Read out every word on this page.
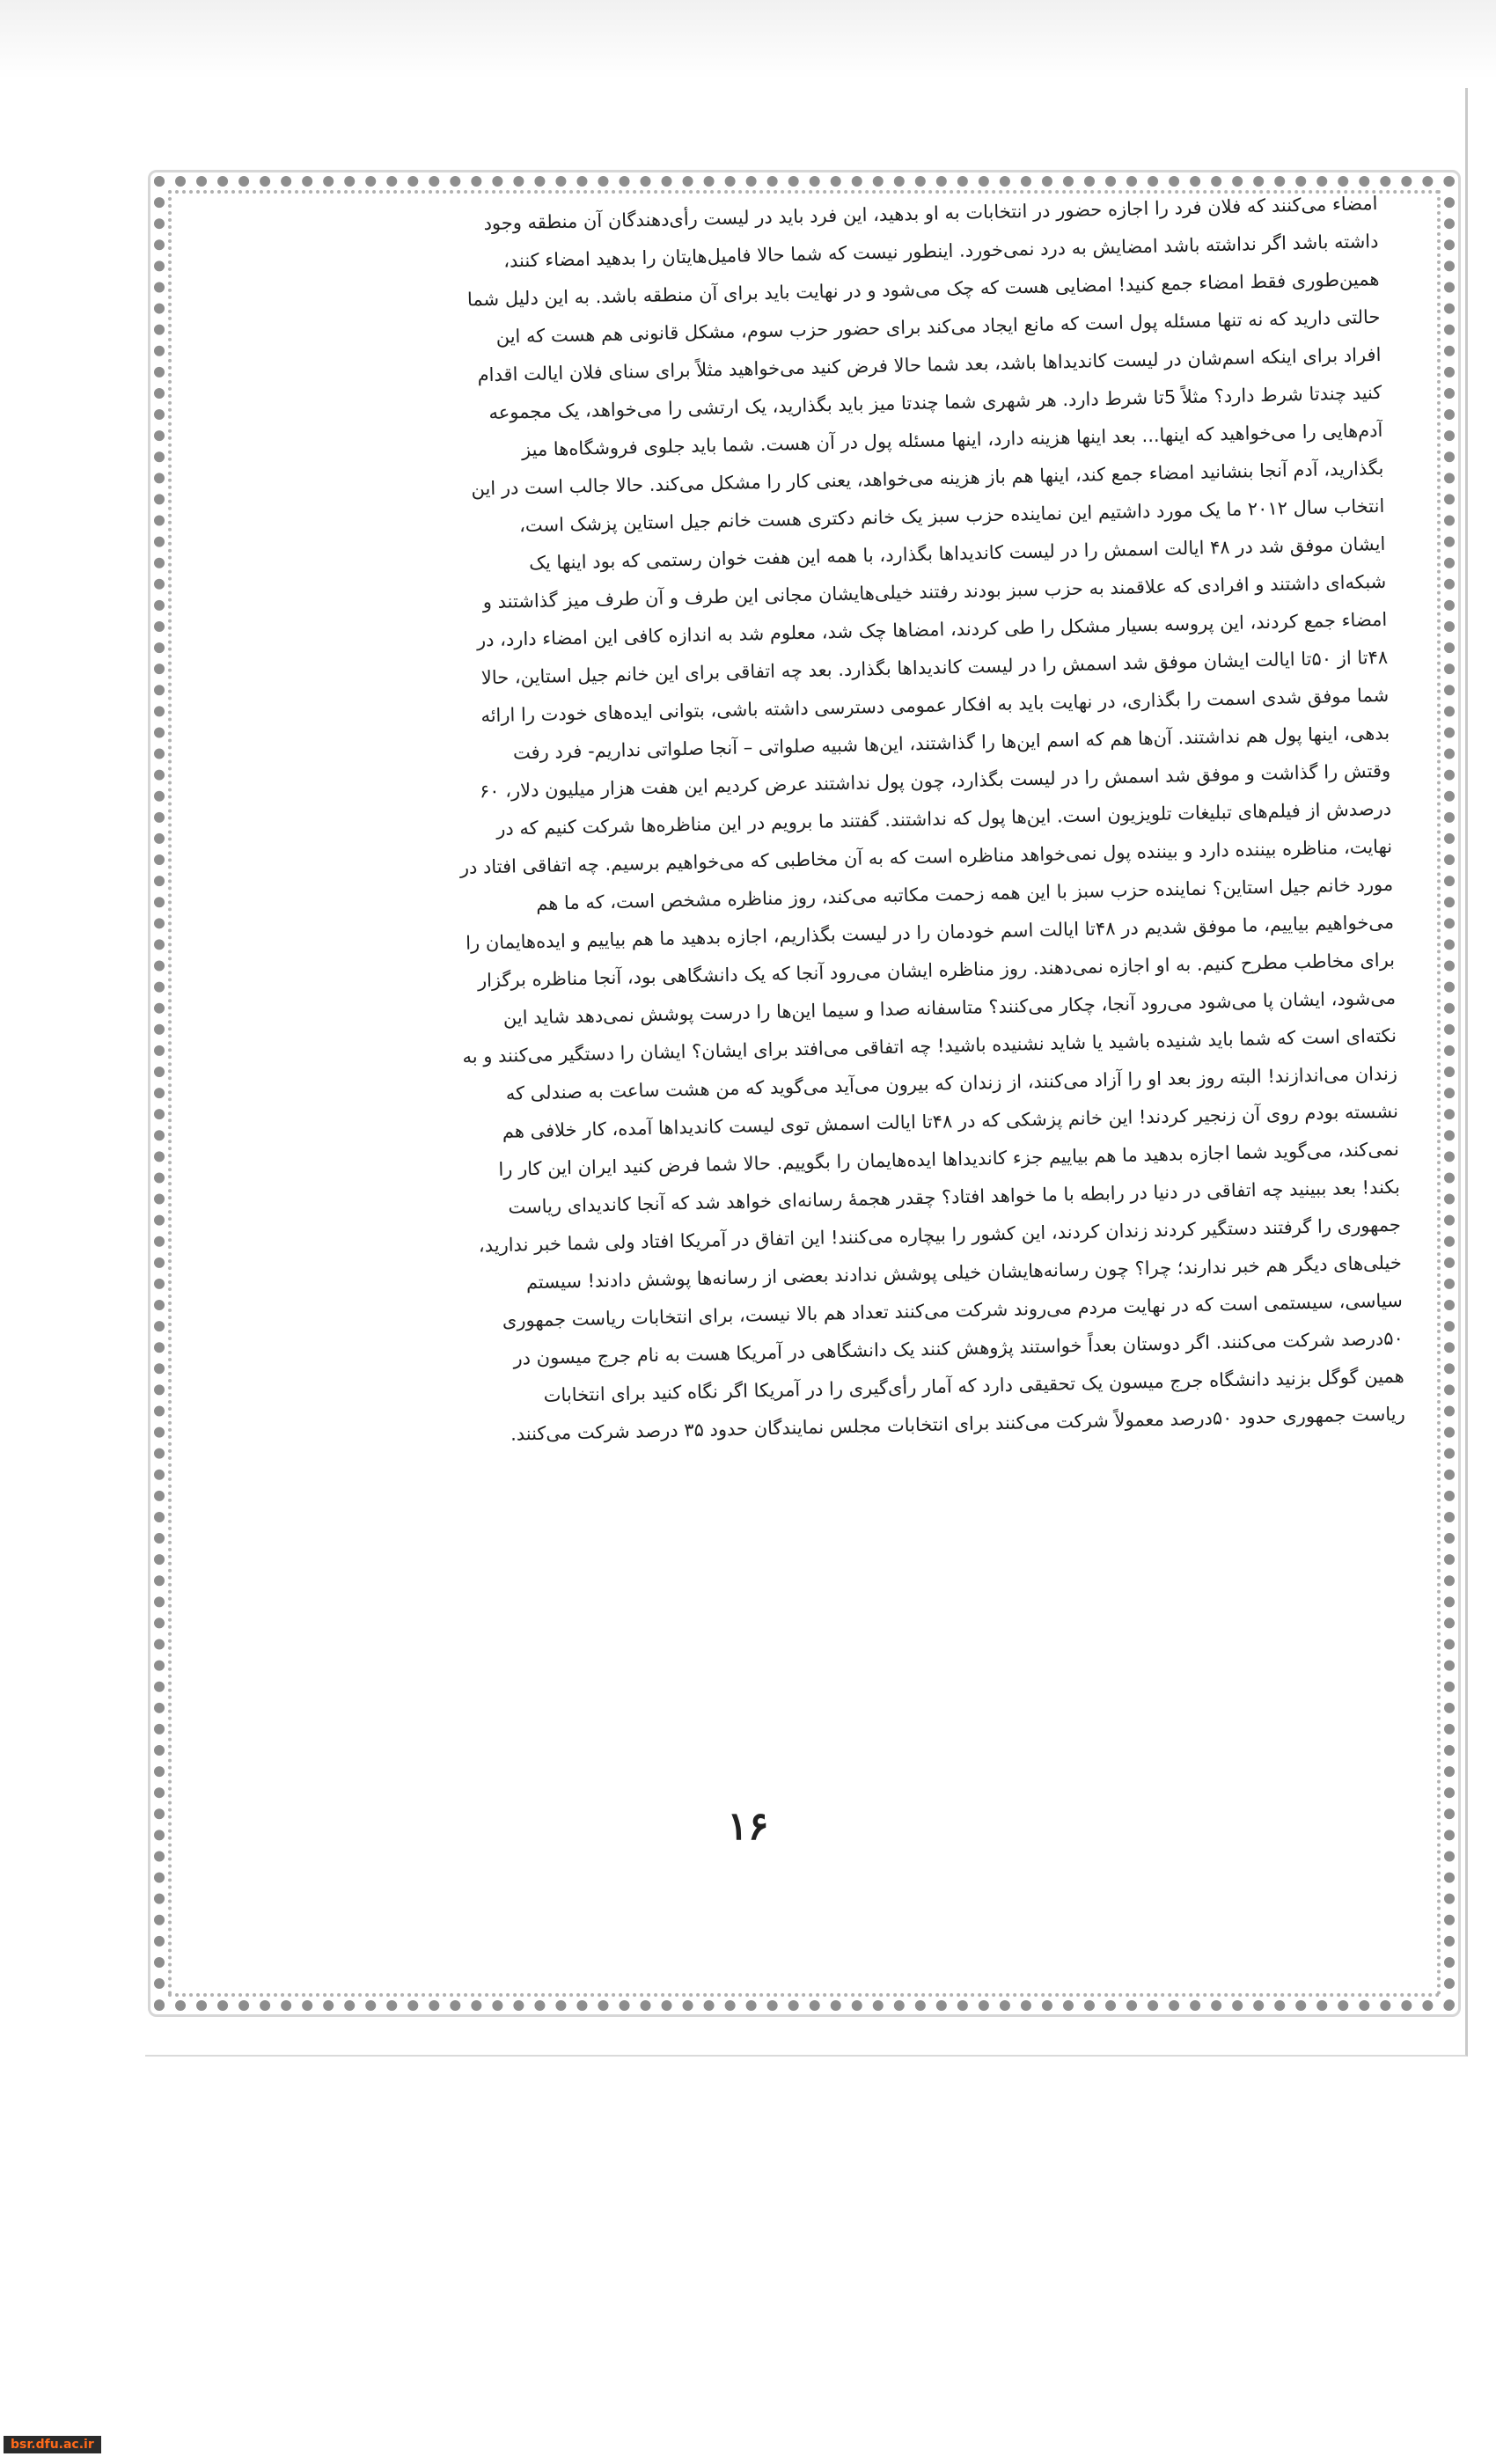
امضاء می‌کنند که فلان فرد را اجازه حضور در انتخابات به او بدهید، این فرد باید در لیست رأی‌دهندگان آن منطقه وجود
داشته باشد اگر نداشته باشد امضایش به درد نمی‌خورد. اینطور نیست که شما حالا فامیل‌هایتان را بدهید امضاء کنند،
همین‌طوری فقط امضاء جمع کنید! امضایی هست که چک می‌شود و در نهایت باید برای آن منطقه باشد. به این دلیل شما
حالتی دارید که نه تنها مسئله پول است که مانع ایجاد می‌کند برای حضور حزب سوم، مشکل قانونی هم هست که این
افراد برای اینکه اسم‌شان در لیست کاندیداها باشد، بعد شما حالا فرض کنید می‌خواهید مثلاً برای سنای فلان ایالت اقدام
کنید چندتا شرط دارد؟ مثلاً 5تا شرط دارد. هر شهری شما چندتا میز باید بگذارید، یک ارتشی را می‌خواهد، یک مجموعه
آدم‌هایی را می‌خواهید که اینها... بعد اینها هزینه دارد، اینها مسئله پول در آن هست. شما باید جلوی فروشگاه‌ها میز
بگذارید، آدم آنجا بنشانید امضاء جمع کند، اینها هم باز هزینه می‌خواهد، یعنی کار را مشکل می‌کند. حالا جالب است در این
انتخاب سال ۲۰۱۲ ما یک مورد داشتیم این نماینده حزب سبز یک خانم دکتری هست خانم جیل استاین پزشک است،
ایشان موفق شد در ۴۸ ایالت اسمش را در لیست کاندیداها بگذارد، با همه این هفت خوان رستمی که بود اینها یک
شبکه‌ای داشتند و افرادی که علاقمند به حزب سبز بودند رفتند خیلی‌هایشان مجانی این طرف و آن طرف میز گذاشتند و
امضاء جمع کردند، این پروسه بسیار مشکل را طی کردند، امضاها چک شد، معلوم شد به اندازه کافی این امضاء دارد، در
۴۸تا از ۵۰تا ایالت ایشان موفق شد اسمش را در لیست کاندیداها بگذارد. بعد چه اتفاقی برای این خانم جیل استاین، حالا
شما موفق شدی اسمت را بگذاری، در نهایت باید به افکار عمومی دسترسی داشته باشی، بتوانی ایده‌های خودت را ارائه
بدهی، اینها پول هم نداشتند. آن‌ها هم که اسم این‌ها را گذاشتند، این‌ها شبیه صلواتی – آنجا صلواتی نداریم- فرد رفت
وقتش را گذاشت و موفق شد اسمش را در لیست بگذارد، چون پول نداشتند عرض کردیم این هفت هزار میلیون دلار، ۶۰
درصدش از فیلم‌های تبلیغات تلویزیون است. این‌ها پول که نداشتند. گفتند ما برویم در این مناظره‌ها شرکت کنیم که در
نهایت، مناظره بیننده دارد و بیننده پول نمی‌خواهد مناظره است که به آن مخاطبی که می‌خواهیم برسیم. چه اتفاقی افتاد در
مورد خانم جیل استاین؟ نماینده حزب سبز با این همه زحمت مکاتبه می‌کند، روز مناظره مشخص است، که ما هم
می‌خواهیم بیاییم، ما موفق شدیم در ۴۸تا ایالت اسم خودمان را در لیست بگذاریم، اجازه بدهید ما هم بیاییم و ایده‌هایمان را
برای مخاطب مطرح کنیم. به او اجازه نمی‌دهند. روز مناظره ایشان می‌رود آنجا که یک دانشگاهی بود، آنجا مناظره برگزار
می‌شود، ایشان پا می‌شود می‌رود آنجا، چکار می‌کنند؟ متاسفانه صدا و سیما این‌ها را درست پوشش نمی‌دهد شاید این
نکته‌ای است که شما باید شنیده باشید یا شاید نشنیده باشید! چه اتفاقی می‌افتد برای ایشان؟ ایشان را دستگیر می‌کنند و به
زندان می‌اندازند! البته روز بعد او را آزاد می‌کنند، از زندان که بیرون می‌آید می‌گوید که من هشت ساعت به صندلی که
نشسته بودم روی آن زنجیر کردند! این خانم پزشکی که در ۴۸تا ایالت اسمش توی لیست کاندیداها آمده، کار خلافی هم
نمی‌کند، می‌گوید شما اجازه بدهید ما هم بیاییم جزء کاندیداها ایده‌هایمان را بگوییم. حالا شما فرض کنید ایران این کار را
بکند! بعد ببینید چه اتفاقی در دنیا در رابطه با ما خواهد افتاد؟ چقدر هجمهٔ رسانه‌ای خواهد شد که آنجا کاندیدای ریاست
جمهوری را گرفتند دستگیر کردند زندان کردند، این کشور را بیچاره می‌کنند! این اتفاق در آمریکا افتاد ولی شما خبر ندارید،
خیلی‌های دیگر هم خبر ندارند؛ چرا؟ چون رسانه‌هایشان خیلی پوشش ندادند بعضی از رسانه‌ها پوشش دادند! سیستم
سیاسی، سیستمی است که در نهایت مردم می‌روند شرکت می‌کنند تعداد هم بالا نیست، برای انتخابات ریاست جمهوری
۵۰درصد شرکت می‌کنند. اگر دوستان بعداً خواستند پژوهش کنند یک دانشگاهی در آمریکا هست به نام جرج میسون در
همین گوگل بزنید دانشگاه جرج میسون یک تحقیقی دارد که آمار رأی‌گیری را در آمریکا اگر نگاه کنید برای انتخابات
ریاست جمهوری حدود ۵۰درصد معمولاً شرکت می‌کنند برای انتخابات مجلس نمایندگان حدود ۳۵ درصد شرکت می‌کنند.
۱۶
bsr.dfu.ac.ir
